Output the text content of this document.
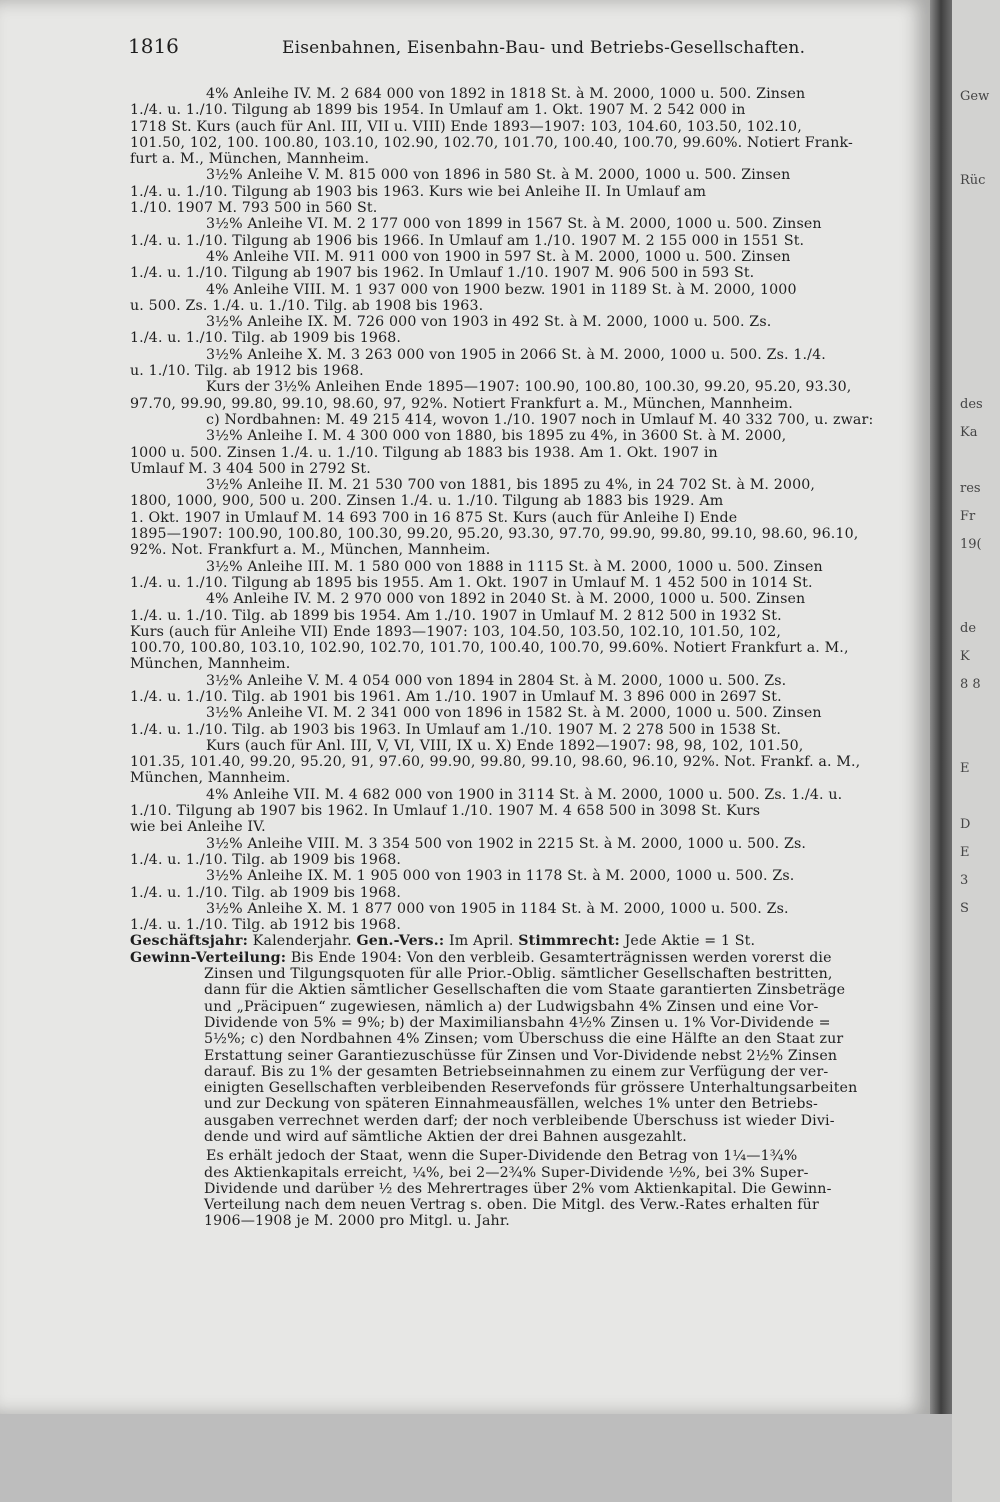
1816	Eisenbahnen, Eisenbahn-Bau- und Betriebs-Gesellschaften.
4% Anleihe IV. M. 2 684 000 von 1892 in 1818 St. à M. 2000, 1000 u. 500. Zinsen
1./4. u. 1./10. Tilgung ab 1899 bis 1954. In Umlauf am 1. Okt. 1907 M. 2 542 000 in
1718 St. Kurs (auch für Anl. III, VII u. VIII) Ende 1893—1907: 103, 104.60, 103.50, 102.10,
101.50, 102, 100. 100.80, 103.10, 102.90, 102.70, 101.70, 100.40, 100.70, 99.60%. Notiert Frank-
furt a. M., München, Mannheim.
3½% Anleihe V. M. 815 000 von 1896 in 580 St. à M. 2000, 1000 u. 500. Zinsen
1./4. u. 1./10. Tilgung ab 1903 bis 1963. Kurs wie bei Anleihe II. In Umlauf am
1./10. 1907 M. 793 500 in 560 St.
3½% Anleihe VI. M. 2 177 000 von 1899 in 1567 St. à M. 2000, 1000 u. 500. Zinsen
1./4. u. 1./10. Tilgung ab 1906 bis 1966. In Umlauf am 1./10. 1907 M. 2 155 000 in 1551 St.
4% Anleihe VII. M. 911 000 von 1900 in 597 St. à M. 2000, 1000 u. 500. Zinsen
1./4. u. 1./10. Tilgung ab 1907 bis 1962. In Umlauf 1./10. 1907 M. 906 500 in 593 St.
4% Anleihe VIII. M. 1 937 000 von 1900 bezw. 1901 in 1189 St. à M. 2000, 1000
u. 500. Zs. 1./4. u. 1./10. Tilg. ab 1908 bis 1963.
3½% Anleihe IX. M. 726 000 von 1903 in 492 St. à M. 2000, 1000 u. 500. Zs.
1./4. u. 1./10. Tilg. ab 1909 bis 1968.
3½% Anleihe X. M. 3 263 000 von 1905 in 2066 St. à M. 2000, 1000 u. 500. Zs. 1./4.
u. 1./10. Tilg. ab 1912 bis 1968.
Kurs der 3½% Anleihen Ende 1895—1907: 100.90, 100.80, 100.30, 99.20, 95.20, 93.30,
97.70, 99.90, 99.80, 99.10, 98.60, 97, 92%. Notiert Frankfurt a. M., München, Mannheim.
c) Nordbahnen: M. 49 215 414, wovon 1./10. 1907 noch in Umlauf M. 40 332 700, u. zwar:
3½% Anleihe I. M. 4 300 000 von 1880, bis 1895 zu 4%, in 3600 St. à M. 2000,
1000 u. 500. Zinsen 1./4. u. 1./10. Tilgung ab 1883 bis 1938. Am 1. Okt. 1907 in
Umlauf M. 3 404 500 in 2792 St.
3½% Anleihe II. M. 21 530 700 von 1881, bis 1895 zu 4%, in 24 702 St. à M. 2000,
1800, 1000, 900, 500 u. 200. Zinsen 1./4. u. 1./10. Tilgung ab 1883 bis 1929. Am
1. Okt. 1907 in Umlauf M. 14 693 700 in 16 875 St. Kurs (auch für Anleihe I) Ende
1895—1907: 100.90, 100.80, 100.30, 99.20, 95.20, 93.30, 97.70, 99.90, 99.80, 99.10, 98.60, 96.10,
92%. Not. Frankfurt a. M., München, Mannheim.
3½% Anleihe III. M. 1 580 000 von 1888 in 1115 St. à M. 2000, 1000 u. 500. Zinsen
1./4. u. 1./10. Tilgung ab 1895 bis 1955. Am 1. Okt. 1907 in Umlauf M. 1 452 500 in 1014 St.
4% Anleihe IV. M. 2 970 000 von 1892 in 2040 St. à M. 2000, 1000 u. 500. Zinsen
1./4. u. 1./10. Tilg. ab 1899 bis 1954. Am 1./10. 1907 in Umlauf M. 2 812 500 in 1932 St.
Kurs (auch für Anleihe VII) Ende 1893—1907: 103, 104.50, 103.50, 102.10, 101.50, 102,
100.70, 100.80, 103.10, 102.90, 102.70, 101.70, 100.40, 100.70, 99.60%. Notiert Frankfurt a. M.,
München, Mannheim.
3½% Anleihe V. M. 4 054 000 von 1894 in 2804 St. à M. 2000, 1000 u. 500. Zs.
1./4. u. 1./10. Tilg. ab 1901 bis 1961. Am 1./10. 1907 in Umlauf M. 3 896 000 in 2697 St.
3½% Anleihe VI. M. 2 341 000 von 1896 in 1582 St. à M. 2000, 1000 u. 500. Zinsen
1./4. u. 1./10. Tilg. ab 1903 bis 1963. In Umlauf am 1./10. 1907 M. 2 278 500 in 1538 St.
Kurs (auch für Anl. III, V, VI, VIII, IX u. X) Ende 1892—1907: 98, 98, 102, 101.50,
101.35, 101.40, 99.20, 95.20, 91, 97.60, 99.90, 99.80, 99.10, 98.60, 96.10, 92%. Not. Frankf. a. M.,
München, Mannheim.
4% Anleihe VII. M. 4 682 000 von 1900 in 3114 St. à M. 2000, 1000 u. 500. Zs. 1./4. u.
1./10. Tilgung ab 1907 bis 1962. In Umlauf 1./10. 1907 M. 4 658 500 in 3098 St. Kurs
wie bei Anleihe IV.
3½% Anleihe VIII. M. 3 354 500 von 1902 in 2215 St. à M. 2000, 1000 u. 500. Zs.
1./4. u. 1./10. Tilg. ab 1909 bis 1968.
3½% Anleihe IX. M. 1 905 000 von 1903 in 1178 St. à M. 2000, 1000 u. 500. Zs.
1./4. u. 1./10. Tilg. ab 1909 bis 1968.
3½% Anleihe X. M. 1 877 000 von 1905 in 1184 St. à M. 2000, 1000 u. 500. Zs.
1./4. u. 1./10. Tilg. ab 1912 bis 1968.
Geschäftsjahr: Kalenderjahr. Gen.-Vers.: Im April. Stimmrecht: Jede Aktie = 1 St.
Gewinn-Verteilung: Bis Ende 1904: Von den verbleib. Gesamterträgnissen werden vorerst die
Zinsen und Tilgungsquoten für alle Prior.-Oblig. sämtlicher Gesellschaften bestritten,
dann für die Aktien sämtlicher Gesellschaften die vom Staate garantierten Zinsbeträge
und „Präcipuen“ zugewiesen, nämlich a) der Ludwigsbahn 4% Zinsen und eine Vor-
Dividende von 5% = 9%; b) der Maximiliansbahn 4½% Zinsen u. 1% Vor-Dividende =
5½%; c) den Nordbahnen 4% Zinsen; vom Überschuss die eine Hälfte an den Staat zur
Erstattung seiner Garantiezuschüsse für Zinsen und Vor-Dividende nebst 2½% Zinsen
darauf. Bis zu 1% der gesamten Betriebseinnahmen zu einem zur Verfügung der ver-
einigten Gesellschaften verbleibenden Reservefonds für grössere Unterhaltungsarbeiten
und zur Deckung von späteren Einnahmeausfällen, welches 1% unter den Betriebs-
ausgaben verrechnet werden darf; der noch verbleibende Überschuss ist wieder Divi-
dende und wird auf sämtliche Aktien der drei Bahnen ausgezahlt.
Es erhält jedoch der Staat, wenn die Super-Dividende den Betrag von 1¼—1¾%
des Aktienkapitals erreicht, ¼%, bei 2—2¾% Super-Dividende ½%, bei 3% Super-
Dividende und darüber ½ des Mehrertrages über 2% vom Aktienkapital. Die Gewinn-
Verteilung nach dem neuen Vertrag s. oben. Die Mitgl. des Verw.-Rates erhalten für
1906—1908 je M. 2000 pro Mitgl. u. Jahr.
Gew
Rüc
des
Ka
res
Fr
19(
de
K
8 8
E
D
E
3
S
